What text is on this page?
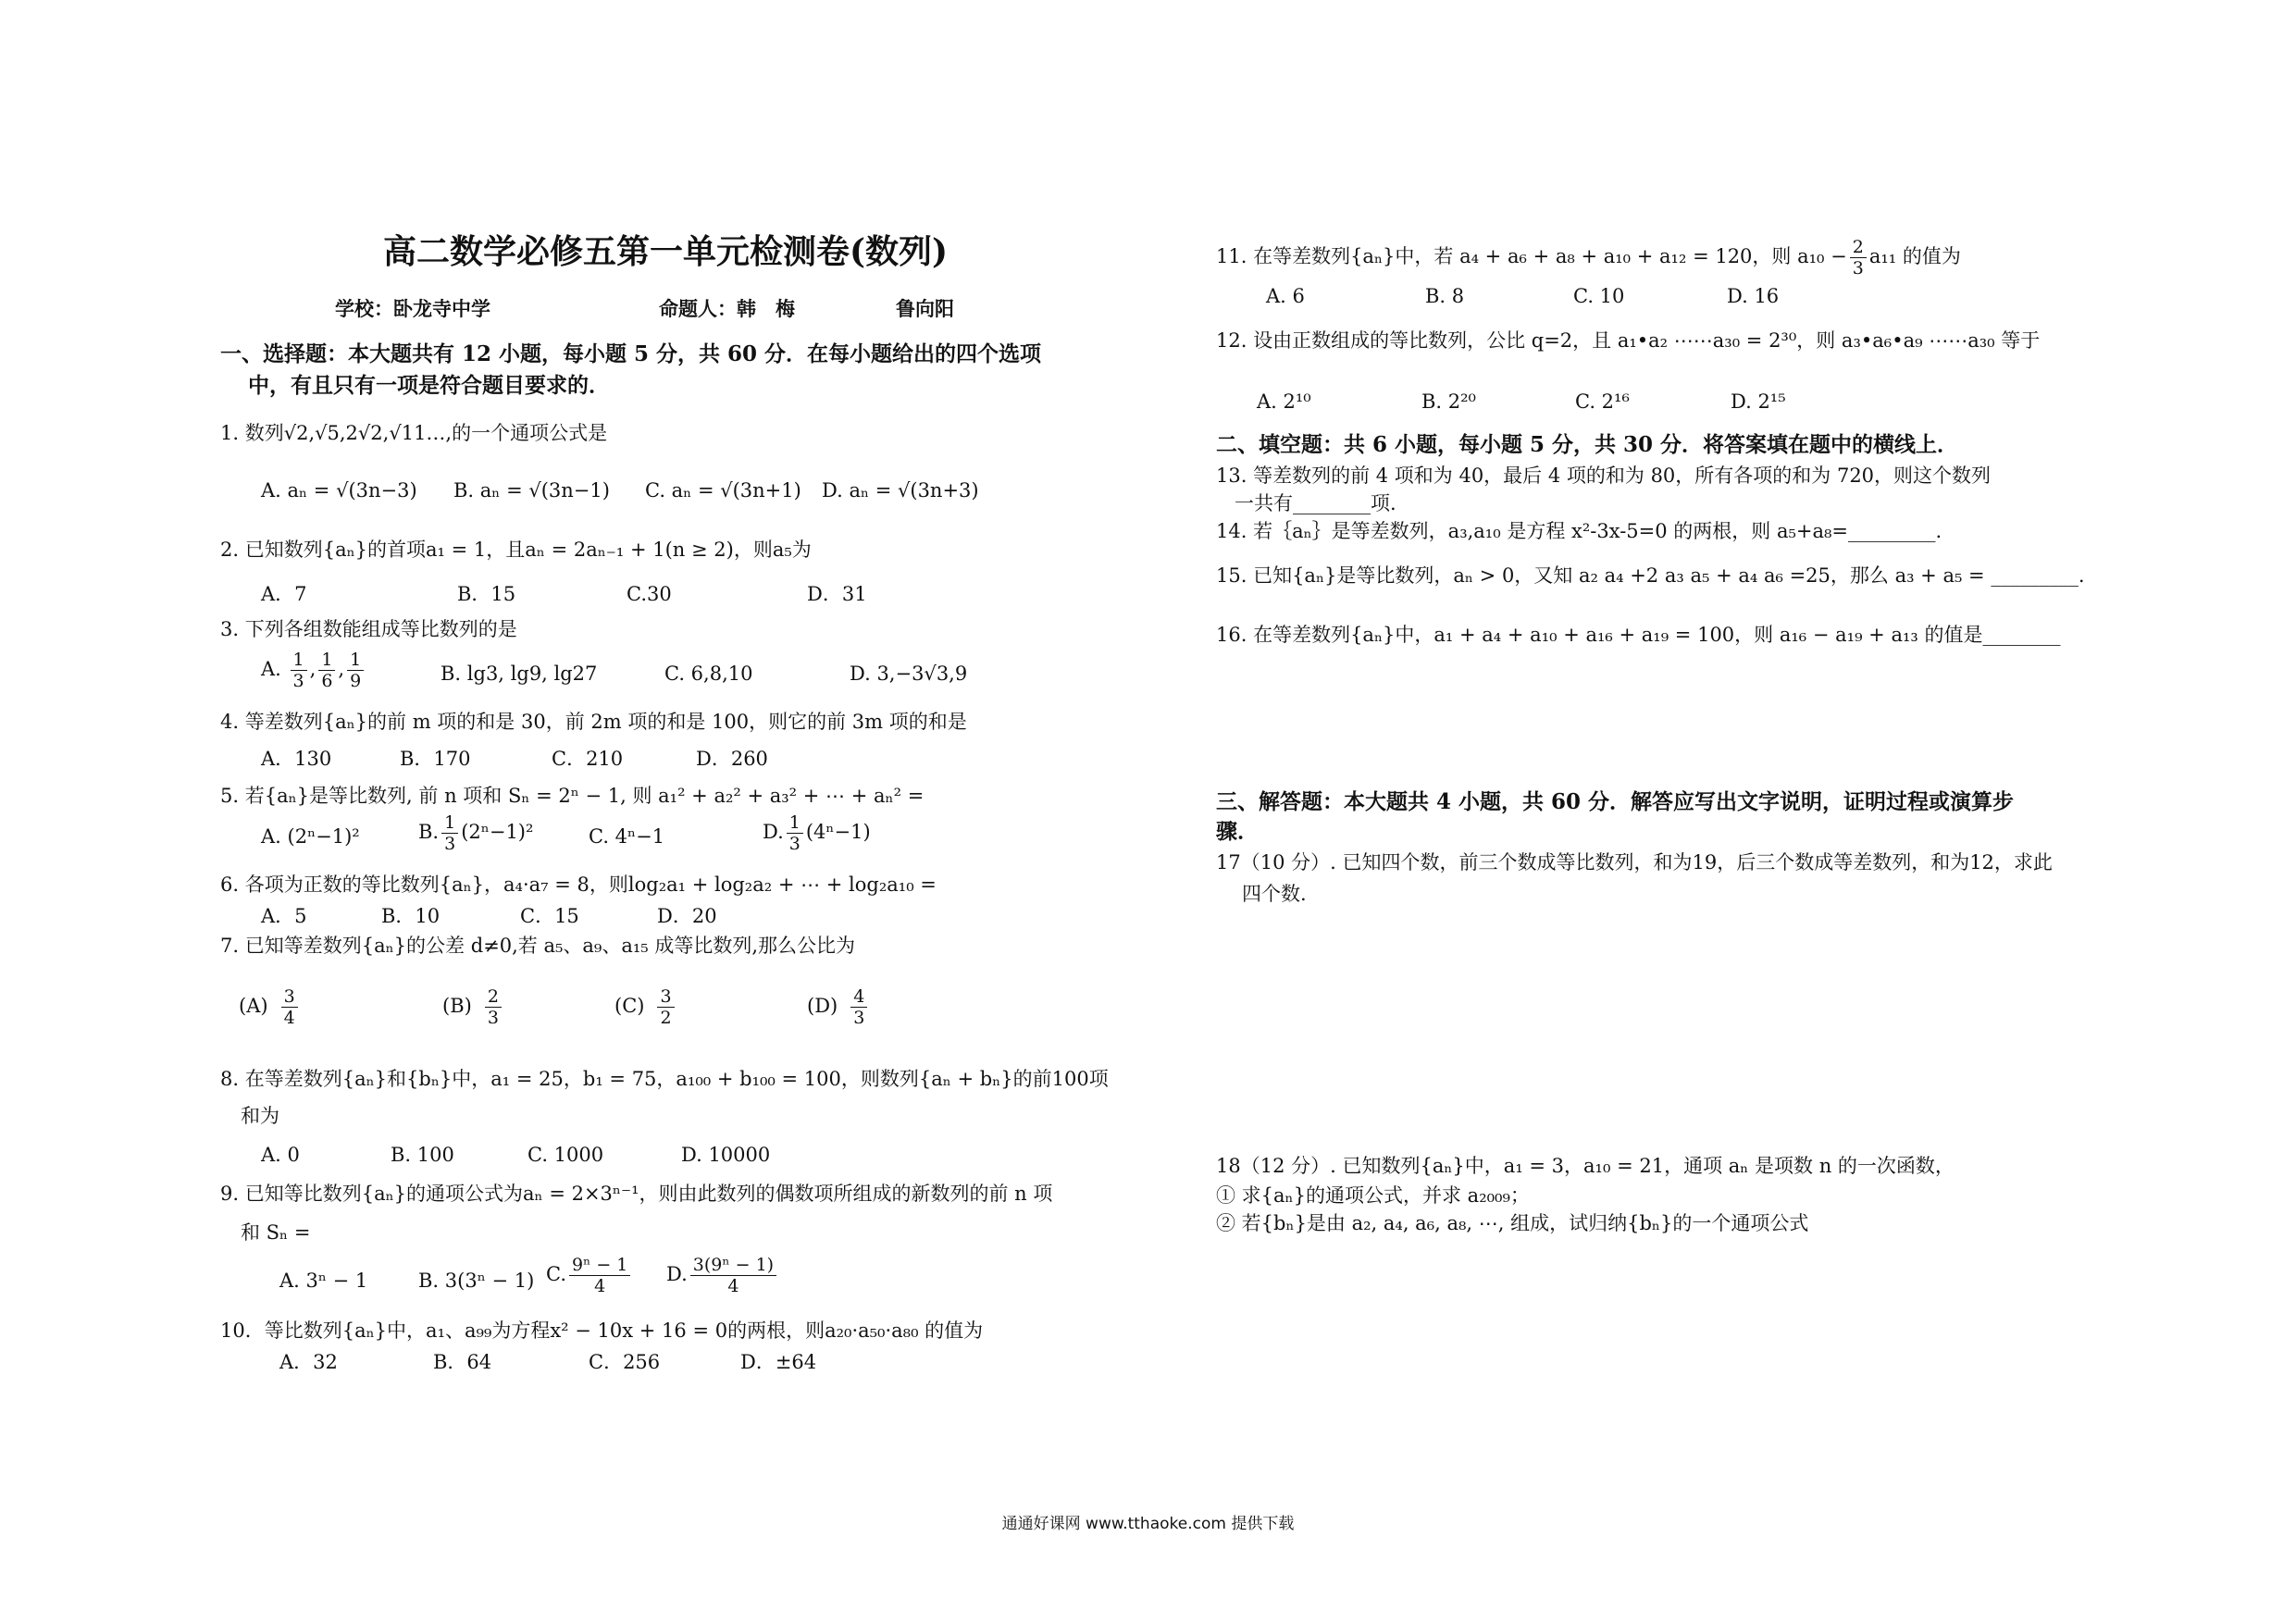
高二数学必修五第一单元检测卷(数列)
学校：卧龙寺中学	命题人：韩　梅	鲁向阳
一、选择题：本大题共有 12 小题，每小题 5 分，共 60 分．在每小题给出的四个选项
中，有且只有一项是符合题目要求的．
1. 数列√2,√5,2√2,√11…,的一个通项公式是
A. aₙ = √(3n−3) B. aₙ = √(3n−1) C. aₙ = √(3n+1) D. aₙ = √(3n+3)
2. 已知数列{aₙ}的首项a₁ = 1，且aₙ = 2aₙ₋₁ + 1(n ≥ 2)，则a₅为
A．7	B．15	C.30	D．31
3. 下列各组数能组成等比数列的是
A. $\frac{1}{3}$ , $\frac{1}{6}$ , $\frac{1}{9}$	B. lg3, lg9, lg27	C. 6,8,10	D. 3,−3√3,9
4. 等差数列{aₙ}的前 m 项的和是 30，前 2m 项的和是 100，则它的前 3m 项的和是
A．130	B．170	C．210	D．260
5. 若{aₙ}是等比数列, 前 n 项和 Sₙ = 2ⁿ − 1, 则 a₁² + a₂² + a₃² + ⋯ + aₙ² =
A. (2ⁿ−1)²	B. $\frac{1}{3} (2^n-1)^2$	C. 4ⁿ−1	D. $\frac{1}{3} (4^n-1)$
6. 各项为正数的等比数列{aₙ}，a₄·a₇ = 8，则log₂a₁ + log₂a₂ + ⋯ + log₂a₁₀ =
A．5	B．10	C．15	D．20
7. 已知等差数列{aₙ}的公差 d≠0,若 a₅、a₉、a₁₅ 成等比数列,那么公比为
$(A) \frac{3}{4}$	$(B) \frac{2}{3}$	$(C) \frac{3}{2}$	$(D) \frac{4}{3}$
8. 在等差数列{aₙ}和{bₙ}中，a₁ = 25，b₁ = 75，a₁₀₀ + b₁₀₀ = 100，则数列{aₙ + bₙ}的前100项
和为
A. 0	B. 100	C. 1000	D. 10000
9. 已知等比数列{aₙ}的通项公式为aₙ = 2×3ⁿ⁻¹，则由此数列的偶数项所组成的新数列的前 n 项
和 Sₙ =
A. 3ⁿ − 1	B. 3(3ⁿ − 1) C. $\frac{\text{9ⁿ − 1}}{4} D$. $\frac{\text{3(9ⁿ − 1)}}{4}$
10．等比数列{aₙ}中，a₁、a₉₉为方程x² − 10x + 16 = 0的两根，则a₂₀·a₅₀·a₈₀ 的值为
A．32	B．64	C．256	D．±64
11. 在等差数列{aₙ}中，若 a₄ + a₆ + a₈ + a₁₀ + a₁₂ = 120，则 $a_{10} - \frac{2}{3} a_{11}$ 的值为
A. 6	B. 8	C. 10	D. 16
12. 设由正数组成的等比数列，公比 q=2，且 a₁•a₂ ⋯⋯a₃₀ = 2³⁰，则 a₃•a₆•a₉ ⋯⋯a₃₀ 等于
A. 2¹⁰	B. 2²⁰	C. 2¹⁶	D. 2¹⁵
二、填空题：共 6 小题，每小题 5 分，共 30 分．将答案填在题中的横线上．
13. 等差数列的前 4 项和为 40，最后 4 项的和为 80，所有各项的和为 720，则这个数列
一共有________项.
14. 若｛aₙ｝是等差数列，a₃,a₁₀ 是方程 x²-3x-5=0 的两根，则 a₅+a₈=_________.
15. 已知{aₙ}是等比数列，aₙ > 0，又知 a₂ a₄ +2 a₃ a₅ + a₄ a₆ =25，那么 a₃ + a₅ = _________.
16. 在等差数列{aₙ}中，a₁ + a₄ + a₁₀ + a₁₆ + a₁₉ = 100，则 a₁₆ − a₁₉ + a₁₃ 的值是________
三、解答题：本大题共 4 小题，共 60 分．解答应写出文字说明，证明过程或演算步
骤．
17（10 分）. 已知四个数，前三个数成等比数列，和为19，后三个数成等差数列，和为12，求此
四个数.
18（12 分）. 已知数列{aₙ}中，a₁ = 3，a₁₀ = 21，通项 aₙ 是项数 n 的一次函数，
① 求{aₙ}的通项公式，并求 a₂₀₀₉；
② 若{bₙ}是由 a₂, a₄, a₆, a₈, ⋯, 组成，试归纳{bₙ}的一个通项公式
通通好课网 www.tthaoke.com 提供下载
